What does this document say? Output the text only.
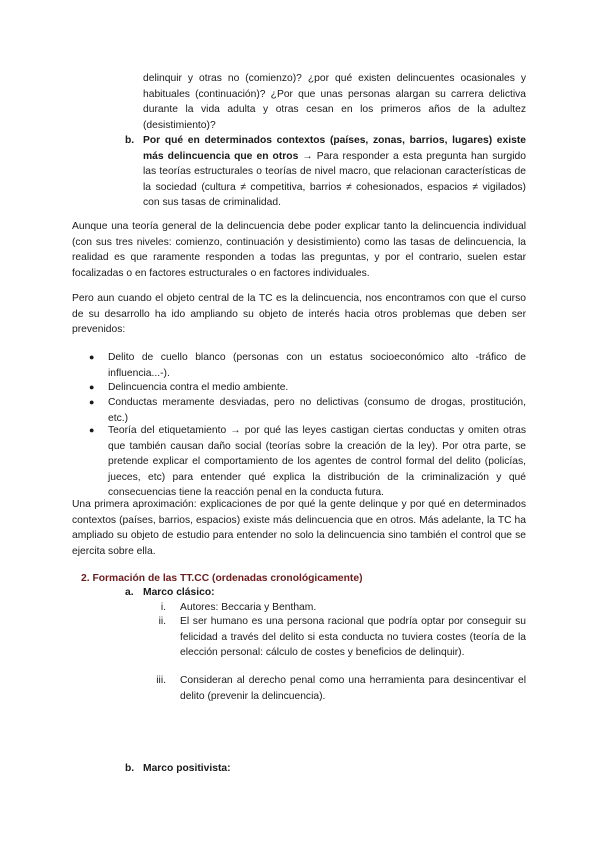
delinquir y otras no (comienzo)? ¿por qué existen delincuentes ocasionales y habituales (continuación)? ¿Por que unas personas alargan su carrera delictiva durante la vida adulta y otras cesan en los primeros años de la adultez (desistimiento)?

b. Por qué en determinados contextos (países, zonas, barrios, lugares) existe más delincuencia que en otros → Para responder a esta pregunta han surgido las teorías estructurales o teorías de nivel macro, que relacionan características de la sociedad (cultura ≠ competitiva, barrios ≠ cohesionados, espacios ≠ vigilados) con sus tasas de criminalidad.

Aunque una teoría general de la delincuencia debe poder explicar tanto la delincuencia individual (con sus tres niveles: comienzo, continuación y desistimiento) como las tasas de delincuencia, la realidad es que raramente responden a todas las preguntas, y por el contrario, suelen estar focalizadas o en factores estructurales o en factores individuales.

Pero aun cuando el objeto central de la TC es la delincuencia, nos encontramos con que el curso de su desarrollo ha ido ampliando su objeto de interés hacia otros problemas que deben ser prevenidos:

● Delito de cuello blanco (personas con un estatus socioeconómico alto -tráfico de influencia...-).

● Delincuencia contra el medio ambiente.

● Conductas meramente desviadas, pero no delictivas (consumo de drogas, prostitución, etc.)

● Teoría del etiquetamiento → por qué las leyes castigan ciertas conductas y omiten otras que también causan daño social (teorías sobre la creación de la ley). Por otra parte, se pretende explicar el comportamiento de los agentes de control formal del delito (policías, jueces, etc) para entender qué explica la distribución de la criminalización y qué consecuencias tiene la reacción penal en la conducta futura.

Una primera aproximación: explicaciones de por qué la gente delinque y por qué en determinados contextos (países, barrios, espacios) existe más delincuencia que en otros. Más adelante, la TC ha ampliado su objeto de estudio para entender no solo la delincuencia sino también el control que se ejercita sobre ella.

2. Formación de las TT.CC (ordenadas cronológicamente)
a. Marco clásico:
i. Autores: Beccaria y Bentham.

ii. El ser humano es una persona racional que podría optar por conseguir su felicidad a través del delito si esta conducta no tuviera costes (teoría de la elección personal: cálculo de costes y beneficios de delinquir).

iii. Consideran al derecho penal como una herramienta para desincentivar el delito (prevenir la delincuencia).

b. Marco positivista:
